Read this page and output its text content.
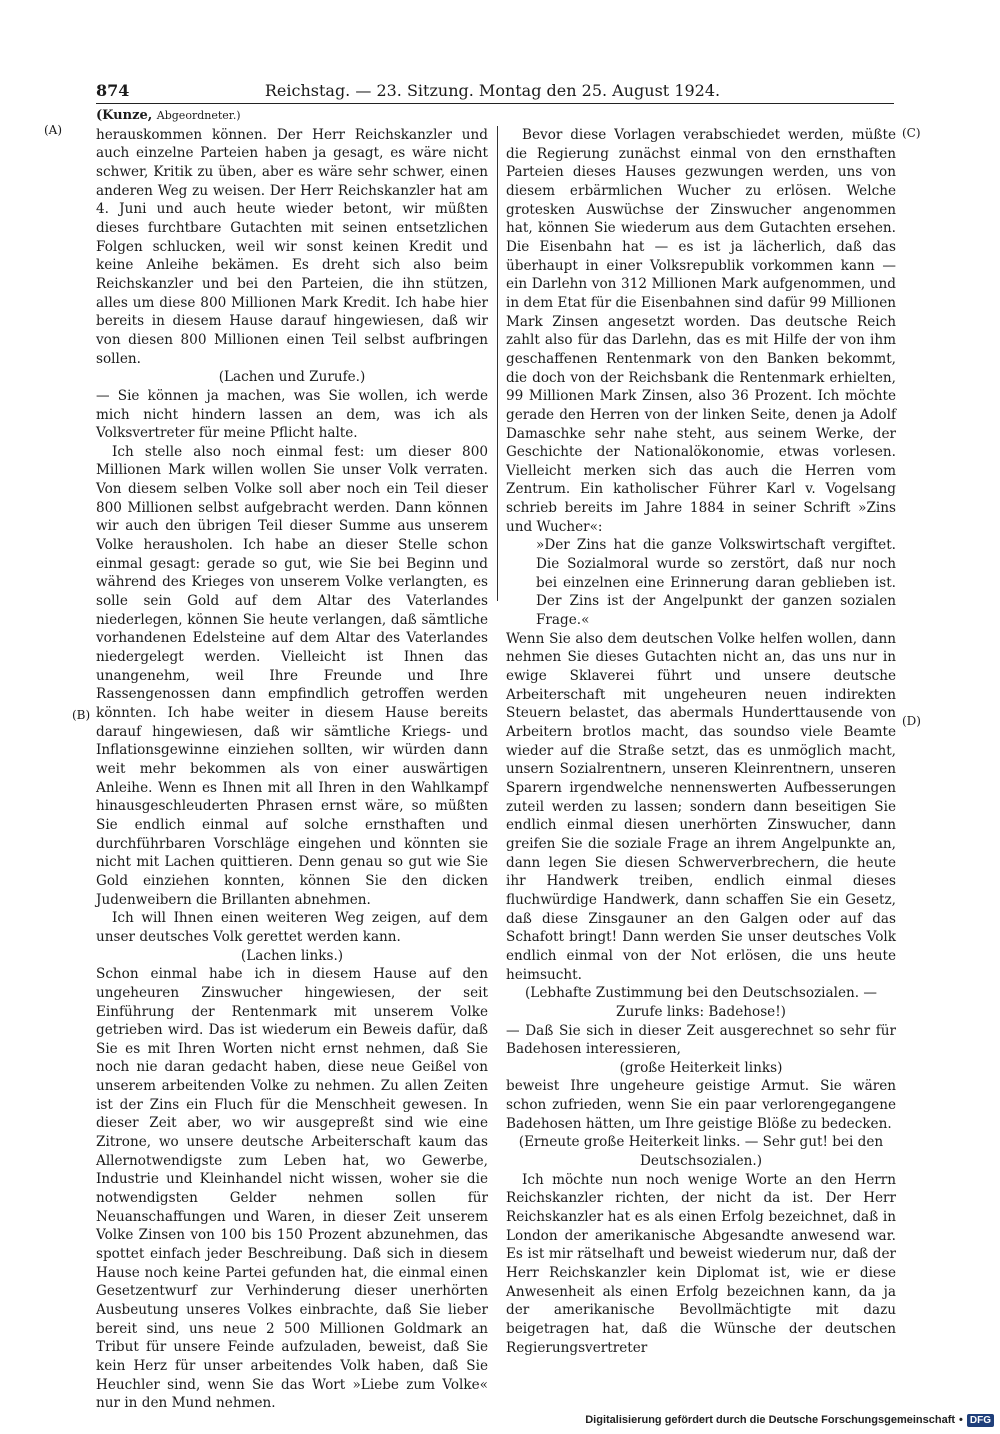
874	Reichstag. — 23. Sitzung. Montag den 25. August 1924.
(A)
(B)
(C)
(D)
(Kunze, Abgeordneter.)

herauskommen können. Der Herr Reichskanzler und auch einzelne Parteien haben ja gesagt, es wäre nicht schwer, Kritik zu üben, aber es wäre sehr schwer, einen anderen Weg zu weisen. Der Herr Reichskanzler hat am 4. Juni und auch heute wieder betont, wir müßten dieses furchtbare Gutachten mit seinen entsetzlichen Folgen schlucken, weil wir sonst keinen Kredit und keine Anleihe bekämen. Es dreht sich also beim Reichskanzler und bei den Parteien, die ihn stützen, alles um diese 800 Millionen Mark Kredit. Ich habe hier bereits in diesem Hause darauf hingewiesen, daß wir von diesen 800 Millionen einen Teil selbst aufbringen sollen.

(Lachen und Zurufe.)

— Sie können ja machen, was Sie wollen, ich werde mich nicht hindern lassen an dem, was ich als Volksvertreter für meine Pflicht halte.

Ich stelle also noch einmal fest: um dieser 800 Millionen Mark willen wollen Sie unser Volk verraten. Von diesem selben Volke soll aber noch ein Teil dieser 800 Millionen selbst aufgebracht werden. Dann können wir auch den übrigen Teil dieser Summe aus unserem Volke herausholen. Ich habe an dieser Stelle schon einmal gesagt: gerade so gut, wie Sie bei Beginn und während des Krieges von unserem Volke verlangten, es solle sein Gold auf dem Altar des Vaterlandes niederlegen, können Sie heute verlangen, daß sämtliche vorhandenen Edelsteine auf dem Altar des Vaterlandes niedergelegt werden. Vielleicht ist Ihnen das unangenehm, weil Ihre Freunde und Ihre Rassengenossen dann empfindlich getroffen werden könnten. Ich habe weiter in diesem Hause bereits darauf hingewiesen, daß wir sämtliche Kriegs- und Inflationsgewinne einziehen sollten, wir würden dann weit mehr bekommen als von einer auswärtigen Anleihe. Wenn es Ihnen mit all Ihren in den Wahlkampf hinausgeschleuderten Phrasen ernst wäre, so müßten Sie endlich einmal auf solche ernsthaften und durchführbaren Vorschläge eingehen und könnten sie nicht mit Lachen quittieren. Denn genau so gut wie Sie Gold einziehen konnten, können Sie den dicken Judenweibern die Brillanten abnehmen.

Ich will Ihnen einen weiteren Weg zeigen, auf dem unser deutsches Volk gerettet werden kann.

(Lachen links.)

Schon einmal habe ich in diesem Hause auf den ungeheuren Zinswucher hingewiesen, der seit Einführung der Rentenmark mit unserem Volke getrieben wird. Das ist wiederum ein Beweis dafür, daß Sie es mit Ihren Worten nicht ernst nehmen, daß Sie noch nie daran gedacht haben, diese neue Geißel von unserem arbeitenden Volke zu nehmen. Zu allen Zeiten ist der Zins ein Fluch für die Menschheit gewesen. In dieser Zeit aber, wo wir ausgepreßt sind wie eine Zitrone, wo unsere deutsche Arbeiterschaft kaum das Allernotwendigste zum Leben hat, wo Gewerbe, Industrie und Kleinhandel nicht wissen, woher sie die notwendigsten Gelder nehmen sollen für Neuanschaffungen und Waren, in dieser Zeit unserem Volke Zinsen von 100 bis 150 Prozent abzunehmen, das spottet einfach jeder Beschreibung. Daß sich in diesem Hause noch keine Partei gefunden hat, die einmal einen Gesetzentwurf zur Verhinderung dieser unerhörten Ausbeutung unseres Volkes einbrachte, daß Sie lieber bereit sind, uns neue 2 500 Millionen Goldmark an Tribut für unsere Feinde aufzuladen, beweist, daß Sie kein Herz für unser arbeitendes Volk haben, daß Sie Heuchler sind, wenn Sie das Wort »Liebe zum Volke« nur in den Mund nehmen.

Bevor diese Vorlagen verabschiedet werden, müßte die Regierung zunächst einmal von den ernsthaften Parteien dieses Hauses gezwungen werden, uns von diesem erbärmlichen Wucher zu erlösen. Welche grotesken Auswüchse der Zinswucher angenommen hat, können Sie wiederum aus dem Gutachten ersehen. Die Eisenbahn hat — es ist ja lächerlich, daß das überhaupt in einer Volksrepublik vorkommen kann — ein Darlehn von 312 Millionen Mark aufgenommen, und in dem Etat für die Eisenbahnen sind dafür 99 Millionen Mark Zinsen angesetzt worden. Das deutsche Reich zahlt also für das Darlehn, das es mit Hilfe der von ihm geschaffenen Rentenmark von den Banken bekommt, die doch von der Reichsbank die Rentenmark erhielten, 99 Millionen Mark Zinsen, also 36 Prozent. Ich möchte gerade den Herren von der linken Seite, denen ja Adolf Damaschke sehr nahe steht, aus seinem Werke, der Geschichte der Nationalökonomie, etwas vorlesen. Vielleicht merken sich das auch die Herren vom Zentrum. Ein katholischer Führer Karl v. Vogelsang schrieb bereits im Jahre 1884 in seiner Schrift »Zins und Wucher«:

»Der Zins hat die ganze Volkswirtschaft vergiftet. Die Sozialmoral wurde so zerstört, daß nur noch bei einzelnen eine Erinnerung daran geblieben ist. Der Zins ist der Angelpunkt der ganzen sozialen Frage.«

Wenn Sie also dem deutschen Volke helfen wollen, dann nehmen Sie dieses Gutachten nicht an, das uns nur in ewige Sklaverei führt und unsere deutsche Arbeiterschaft mit ungeheuren neuen indirekten Steuern belastet, das abermals Hunderttausende von Arbeitern brotlos macht, das soundso viele Beamte wieder auf die Straße setzt, das es unmöglich macht, unsern Sozialrentnern, unseren Kleinrentnern, unseren Sparern irgendwelche nennenswerten Aufbesserungen zuteil werden zu lassen; sondern dann beseitigen Sie endlich einmal diesen unerhörten Zinswucher, dann greifen Sie die soziale Frage an ihrem Angelpunkte an, dann legen Sie diesen Schwerverbrechern, die heute ihr Handwerk treiben, endlich einmal dieses fluchwürdige Handwerk, dann schaffen Sie ein Gesetz, daß diese Zinsgauner an den Galgen oder auf das Schafott bringt! Dann werden Sie unser deutsches Volk endlich einmal von der Not erlösen, die uns heute heimsucht.

(Lebhafte Zustimmung bei den Deutschsozialen. — Zurufe links: Badehose!)

— Daß Sie sich in dieser Zeit ausgerechnet so sehr für Badehosen interessieren,

(große Heiterkeit links)

beweist Ihre ungeheure geistige Armut. Sie wären schon zufrieden, wenn Sie ein paar verlorengegangene Badehosen hätten, um Ihre geistige Blöße zu bedecken.

(Erneute große Heiterkeit links. — Sehr gut! bei den Deutschsozialen.)

Ich möchte nun noch wenige Worte an den Herrn Reichskanzler richten, der nicht da ist. Der Herr Reichskanzler hat es als einen Erfolg bezeichnet, daß in London der amerikanische Abgesandte anwesend war. Es ist mir rätselhaft und beweist wiederum nur, daß der Herr Reichskanzler kein Diplomat ist, wie er diese Anwesenheit als einen Erfolg bezeichnen kann, da ja der amerikanische Bevollmächtigte mit dazu beigetragen hat, daß die Wünsche der deutschen Regierungsvertreter

Digitalisierung gefördert durch die Deutsche Forschungsgemeinschaft • DFG
